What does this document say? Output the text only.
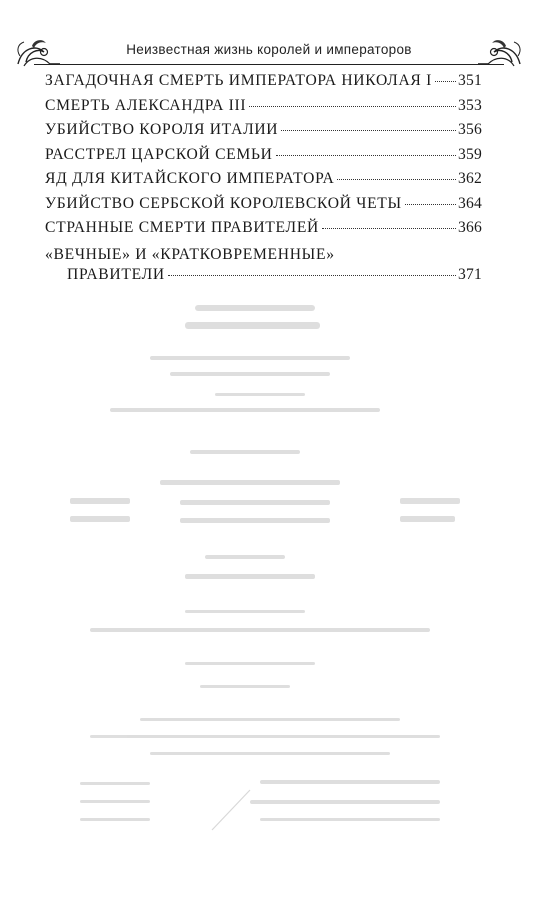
Неизвестная жизнь королей и императоров
ЗАГАДОЧНАЯ СМЕРТЬ ИМПЕРАТОРА НИКОЛАЯ I 351
СМЕРТЬ АЛЕКСАНДРА III	353
УБИЙСТВО КОРОЛЯ ИТАЛИИ	356
РАССТРЕЛ ЦАРСКОЙ СЕМЬИ	359
ЯД ДЛЯ КИТАЙСКОГО ИМПЕРАТОРА	362
УБИЙСТВО СЕРБСКОЙ КОРОЛЕВСКОЙ ЧЕТЫ	364
СТРАННЫЕ СМЕРТИ ПРАВИТЕЛЕЙ	366
«ВЕЧНЫЕ» И «КРАТКОВРЕМЕННЫЕ»
ПРАВИТЕЛИ	371
